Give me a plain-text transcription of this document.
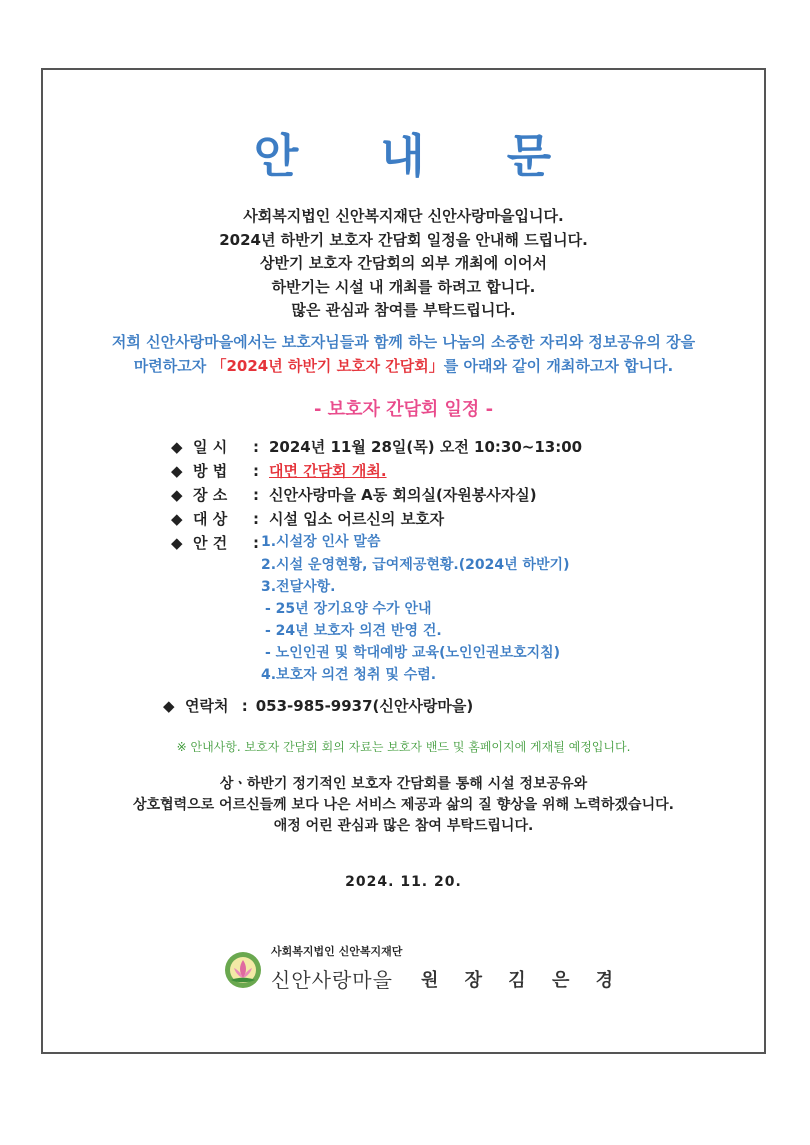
안 내 문
사회복지법인 신안복지재단 신안사랑마을입니다.
2024년 하반기 보호자 간담회 일정을 안내해 드립니다.
상반기 보호자 간담회의 외부 개최에 이어서
하반기는 시설 내 개최를 하려고 합니다.
많은 관심과 참여를 부탁드립니다.
저희 신안사랑마을에서는 보호자님들과 함께 하는 나눔의 소중한 자리와 정보공유의 장을
마련하고자 「2024년 하반기 보호자 간담회」를 아래와 같이 개최하고자 합니다.
- 보호자 간담회 일정 -
◆ 일 시 : 2024년 11월 28일(목) 오전 10:30~13:00
◆ 방 법 : 대면 간담회 개최.
◆ 장 소 : 신안사랑마을 A동 회의실(자원봉사자실)
◆ 대 상 : 시설 입소 어르신의 보호자
◆ 안 건 : 1.시설장 인사 말씀
2.시설 운영현황, 급여제공현황.(2024년 하반기)
3.전달사항.
- 25년 장기요양 수가 안내
- 24년 보호자 의견 반영 건.
- 노인인권 및 학대예방 교육(노인인권보호지침)
4.보호자 의견 청취 및 수렴.
◆ 연락처 : 053-985-9937(신안사랑마을)
※ 안내사항. 보호자 간담회 회의 자료는 보호자 밴드 및 홈페이지에 게재될 예정입니다.
상ㆍ하반기 정기적인 보호자 간담회를 통해 시설 정보공유와
상호협력으로 어르신들께 보다 나은 서비스 제공과 삶의 질 향상을 위해 노력하겠습니다.
애정 어린 관심과 많은 참여 부탁드립니다.
2024. 11. 20.
사회복지법인 신안복지재단
신안사랑마을 원 장 김 은 경
